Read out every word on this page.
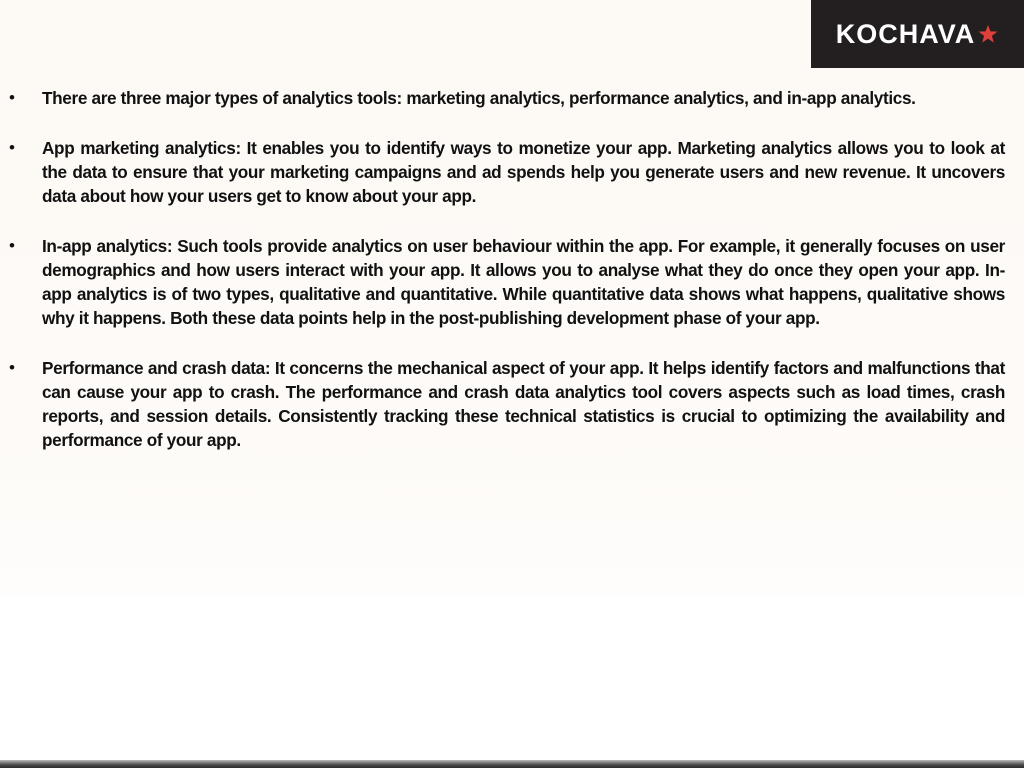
KOCHAVA
• There are three major types of analytics tools: marketing analytics, performance analytics, and in-app analytics.
• App marketing analytics: It enables you to identify ways to monetize your app. Marketing analytics allows you to look at the data to ensure that your marketing campaigns and ad spends help you generate users and new revenue. It uncovers data about how your users get to know about your app.
• In-app analytics: Such tools provide analytics on user behaviour within the app. For example, it generally focuses on user demographics and how users interact with your app. It allows you to analyse what they do once they open your app. In-app analytics is of two types, qualitative and quantitative. While quantitative data shows what happens, qualitative shows why it happens. Both these data points help in the post-publishing development phase of your app.
• Performance and crash data: It concerns the mechanical aspect of your app. It helps identify factors and malfunctions that can cause your app to crash. The performance and crash data analytics tool covers aspects such as load times, crash reports, and session details. Consistently tracking these technical statistics is crucial to optimizing the availability and performance of your app.
